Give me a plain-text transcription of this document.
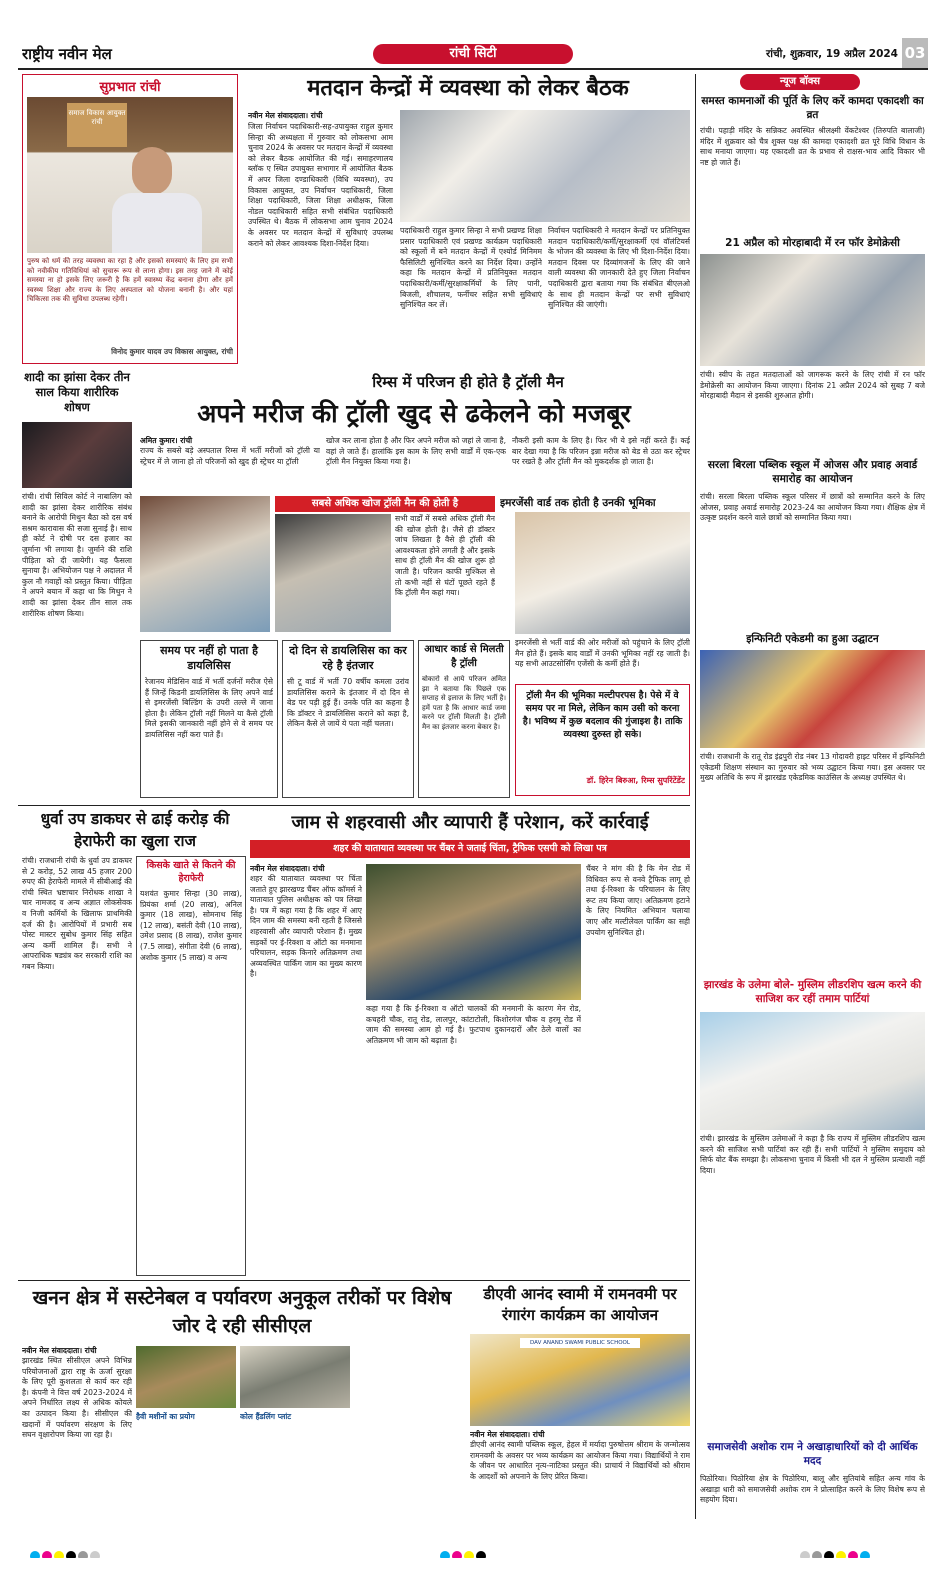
राष्ट्रीय नवीन मेल	रांची सिटी	रांची, शुक्रवार, 19 अप्रैल 2024 03
सुप्रभात रांची
समाज विकास आयुक्त रांची
पुरुष को धर्म की तरह व्यवस्था का रहा है और इसको समस्याएं के लिए हम सभी को नवीकीय गतिविधियां को सुचारू रूप से लाना होगा। इस तरह जाने में कोई समस्या ना हो इसके लिए जरूरी है कि हमें स्वास्थ्य केंद्र बनाना होगा और हमें स्वस्थ्य शिक्षा और राज्य के लिए अस्पताल को योजना बनानी है। और यहां चिकित्सा तक की सुविधा उपलब्ध रहेगी।
विनोद कुमार यादव उप विकास आयुक्त, रांची
मतदान केन्द्रों में व्यवस्था को लेकर बैठक
नवीन मेल संवाददाता। रांची
जिला निर्वाचन पदाधिकारी-सह-उपायुक्त राहुल कुमार सिन्हा की अध्यक्षता में गुरुवार को लोकसभा आम चुनाव 2024 के अवसर पर मतदान केन्द्रों में व्यवस्था को लेकर बैठक आयोजित की गई। समाहरणालय ब्लॉक ए स्थित उपायुक्त सभागार में आयोजित बैठक में अपर जिला दण्डाधिकारी (विधि व्यवस्था), उप विकास आयुक्त, उप निर्वाचन पदाधिकारी, जिला शिक्षा पदाधिकारी, जिला शिक्षा अधीक्षक, जिला नोडल पदाधिकारी सहित सभी संबंधित पदाधिकारी उपस्थित थे। बैठक में लोकसभा आम चुनाव 2024 के अवसर पर मतदान केन्द्रों में सुविधाएं उपलब्ध कराने को लेकर आवश्यक दिशा-निर्देश दिया।
पदाधिकारी राहुल कुमार सिन्हा ने सभी प्रखण्ड शिक्षा प्रसार पदाधिकारी एवं प्रखण्ड कार्यक्रम पदाधिकारी को स्कूलों में बने मतदान केन्द्रों में एश्योर्ड मिनिमम फैसिलिटी सुनिश्चित करने का निर्देश दिया। उन्होंने कहा कि मतदान केन्द्रों में प्रतिनियुक्त मतदान पदाधिकारी/कर्मी/सुरक्षाकर्मियों के लिए पानी, बिजली, शौचालय, फर्नीचर सहित सभी सुविधाएं सुनिश्चित कर लें।
निर्वाचन पदाधिकारी ने मतदान केन्द्रों पर प्रतिनियुक्त मतदान पदाधिकारी/कर्मी/सुरक्षाकर्मी एवं वॉलंटियर्स के भोजन की व्यवस्था के लिए भी दिशा-निर्देश दिया। मतदान दिवस पर दिव्यांगजनों के लिए की जाने वाली व्यवस्था की जानकारी देते हुए जिला निर्वाचन पदाधिकारी द्वारा बताया गया कि संबंधित बीएलओ के साथ ही मतदान केन्द्रों पर सभी सुविधाएं सुनिश्चित की जाएंगी।
रिम्स में परिजन ही होते है ट्रॉली मैन
अपने मरीज की ट्रॉली खुद से ढकेलने को मजबूर
अमित कुमार। रांची
राज्य के सबसे बड़े अस्पताल रिम्स में भर्ती मरीजों को ट्रॉली या स्ट्रेचर में ले जाना हो तो परिजनों को खुद ही स्ट्रेचर या ट्रॉली
खोज कर लाना होता है और फिर अपने मरीज को जहां ले जाना है, वहां ले जाते हैं। हालांकि इस काम के लिए सभी वार्डों में एक-एक ट्रॉली मैन नियुक्त किया गया है।
नौकरी इसी काम के लिए है। फिर भी ये इसे नहीं करते हैं। कई बार देखा गया है कि परिजन इन्ना मरीज को बेड से उठा कर स्ट्रेचर पर रखते है और ट्रॉली मैन को मुकदर्शक हो जाता है।
सबसे अधिक खोज ट्रॉली मैन की होती है
सभी वार्डों में सबसे अधिक ट्रॉली मैन की खोज होती है। जैसे ही डॉक्टर जांच लिखता है वैसे ही ट्रॉली की आवश्यकता होने लगती है और इसके साथ ही ट्रॉली मैन की खोज शुरू हो जाती है। परिजन काफी मुश्किल से तो कभी नहीं से घंटों पूछते रहते हैं कि ट्रॉली मैन कहां गया।
इमरजेंसी वार्ड तक होती है उनकी भूमिका
इमरजेंसी से भर्ती वार्ड की ओर मरीजों को पहुंचाने के लिए ट्रॉली मैन होते हैं। इसके बाद वार्डों में उनकी भूमिका नहीं रह जाती है। यह सभी आउटसोर्सिंग एजेंसी के कर्मी होते हैं।
समय पर नहीं हो पाता है डायलिसिस
रेजानय मेडिसिन वार्ड में भर्ती दर्जनों मरीज ऐसे हैं जिन्हें किडनी डायलिसिस के लिए अपने वार्ड से इमरजेंसी बिल्डिंग के उपरी तल्ले में जाना होता है। लेकिन ट्रॉली नहीं मिलने या कैसे ट्रॉली मिले इसकी जानकारी नहीं होने से वे समय पर डायलिसिस नहीं करा पाते हैं।
दो दिन से डायलिसिस का कर रहे है इंतजार
सी टू वार्ड में भर्ती 70 वर्षीय कमला उरांव डायलिसिस कराने के इंतजार में दो दिन से बेड पर पड़ी हुई हैं। उनके पति का कहना है कि डॉक्टर ने डायलिसिस कराने को कहा है, लेकिन कैसे ले जायें ये पता नहीं चलता।
आधार कार्ड से मिलती है ट्रॉली
बोकारो से आये परिजन अमित झा ने बताया कि पिछले एक सप्ताह से इलाज के लिए भर्ती है। हमें पता है कि आधार कार्ड जमा करने पर ट्रॉली मिलती है। ट्रॉली मैन का इंतजार करना बेकार है।
ट्रॉली मैन की भूमिका मल्टीपरपस है। पेसे में वे समय पर ना मिले, लेकिन काम उसी को करना है। भविष्य में कुछ बदलाव की गुंजाइश है। ताकि व्यवस्था दुरुस्त हो सके।
डॉ. हिरेन बिरुआ, रिम्स सुपरिंटेंडेंट
शादी का झांसा देकर तीन साल किया शारीरिक शोषण
रांची। रांची सिविल कोर्ट ने नाबालिग को शादी का झांसा देकर शारीरिक संबंध बनाने के आरोपी मिथुन बैठा को दस वर्ष सश्रम कारावास की सजा सुनाई है। साथ ही कोर्ट ने दोषी पर दस हजार का जुर्माना भी लगाया है। जुर्माने की राशि पीड़िता को दी जायेगी। यह फैसला सुनाया है। अभियोजन पक्ष ने अदालत में कुल नौ गवाहों को प्रस्तुत किया। पीड़िता ने अपने बयान में कहा था कि मिथुन ने शादी का झांसा देकर तीन साल तक शारीरिक शोषण किया।
धुर्वा उप डाकघर से ढाई करोड़ की हेराफेरी का खुला राज
रांची। राजधानी रांची के धुर्वा उप डाकघर से 2 करोड़, 52 लाख 45 हजार 200 रुपए की हेराफेरी मामले में सीबीआई की रांची स्थित भ्रष्टाचार निरोधक शाखा ने चार नामजद व अन्य अज्ञात लोकसेवक व निजी कर्मियों के खिलाफ प्राथमिकी दर्ज की है। आरोपियों में प्रभारी सब पोस्ट मास्टर सुबोध कुमार सिंह सहित अन्य कर्मी शामिल हैं। सभी ने आपराधिक षड्यंत्र कर सरकारी राशि का गबन किया।
किसके खाते से कितने की हेराफेरी
यशवंत कुमार सिन्हा (30 लाख), प्रियंका शर्मा (20 लाख), अनिल कुमार (18 लाख), सोमनाथ सिंह (12 लाख), बसंती देवी (10 लाख), उमेश प्रसाद (8 लाख), राजेश कुमार (7.5 लाख), संगीता देवी (6 लाख), अशोक कुमार (5 लाख) व अन्य
जाम से शहरवासी और व्यापारी हैं परेशान, करें कार्रवाई
शहर की यातायात व्यवस्था पर चैंबर ने जताई चिंता, ट्रैफिक एसपी को लिखा पत्र
नवीन मेल संवाददाता। रांची
शहर की यातायात व्यवस्था पर चिंता जताते हुए झारखण्ड चैंबर ऑफ कॉमर्स ने यातायात पुलिस अधीक्षक को पत्र लिखा है। पत्र में कहा गया है कि शहर में आए दिन जाम की समस्या बनी रहती है जिससे शहरवासी और व्यापारी परेशान हैं। मुख्य सड़कों पर ई-रिक्शा व ऑटो का मनमाना परिचालन, सड़क किनारे अतिक्रमण तथा अव्यवस्थित पार्किंग जाम का मुख्य कारण है।
कहा गया है कि ई-रिक्शा व ऑटो चालकों की मनमानी के कारण मेन रोड, कचहरी चौक, रातू रोड, लालपुर, कांटाटोली, किशोरगंज चौक व हरमू रोड में जाम की समस्या आम हो गई है। फुटपाथ दुकानदारों और ठेले वालों का अतिक्रमण भी जाम को बढ़ाता है।
चैंबर ने मांग की है कि मेन रोड में विधिवत रूप से वनवे ट्रैफिक लागू हो तथा ई-रिक्शा के परिचालन के लिए रूट तय किया जाए। अतिक्रमण हटाने के लिए नियमित अभियान चलाया जाए और मल्टीलेवल पार्किंग का सही उपयोग सुनिश्चित हो।
खनन क्षेत्र में सस्टेनेबल व पर्यावरण अनुकूल तरीकों पर विशेष जोर दे रही सीसीएल
नवीन मेल संवाददाता। रांची
झारखंड स्थित सीसीएल अपने विभिन्न परियोजनाओं द्वारा राष्ट्र के ऊर्जा सुरक्षा के लिए पूरी कुशलता से कार्य कर रही है। कंपनी ने वित्त वर्ष 2023-2024 में अपने निर्धारित लक्ष्य से अधिक कोयले का उत्पादन किया है। सीसीएल की खदानों में पर्यावरण संरक्षण के लिए सघन वृक्षारोपण किया जा रहा है।
हैवी मशीनों का प्रयोग	कोल हैंडलिंग प्लांट
डीएवी आनंद स्वामी में रामनवमी पर रंगारंग कार्यक्रम का आयोजन
DAV ANAND SWAMI PUBLIC SCHOOL
नवीन मेल संवाददाता। रांची
डीएवी आनंद स्वामी पब्लिक स्कूल, हेहल में मर्यादा पुरुषोत्तम श्रीराम के जन्मोत्सव रामनवमी के अवसर पर भव्य कार्यक्रम का आयोजन किया गया। विद्यार्थियों ने राम के जीवन पर आधारित नृत्य-नाटिका प्रस्तुत की। प्राचार्य ने विद्यार्थियों को श्रीराम के आदर्शों को अपनाने के लिए प्रेरित किया।
न्यूज बॉक्स
समस्त कामनाओं की पूर्ति के लिए करें कामदा एकादशी का व्रत
रांची। पहाड़ी मंदिर के सन्निकट अवस्थित श्रीलक्ष्मी वेंकटेश्वर (तिरुपति बालाजी) मंदिर में शुक्रवार को चैत्र शुक्ल पक्ष की कामदा एकादशी व्रत पूरे विधि विधान के साथ मनाया जाएगा। यह एकादशी व्रत के प्रभाव से राक्षस-भाव आदि विकार भी नष्ट हो जाते हैं।
21 अप्रैल को मोरहाबादी में रन फॉर डेमोक्रेसी
रांची। स्वीप के तहत मतदाताओं को जागरूक करने के लिए रांची में रन फॉर डेमोक्रेसी का आयोजन किया जाएगा। दिनांक 21 अप्रैल 2024 को सुबह 7 बजे मोरहाबादी मैदान से इसकी शुरुआत होगी।
सरला बिरला पब्लिक स्कूल में ओजस और प्रवाह अवार्ड समारोह का आयोजन
रांची। सरला बिरला पब्लिक स्कूल परिसर में छात्रों को सम्मानित करने के लिए ओजस, प्रवाह अवार्ड समारोह 2023-24 का आयोजन किया गया। शैक्षिक क्षेत्र में उत्कृष्ट प्रदर्शन करने वाले छात्रों को सम्मानित किया गया।
इन्फिनिटी एकेडमी का हुआ उद्घाटन
रांची। राजधानी के रातू रोड इंद्रपुरी रोड नंबर 13 गोदावरी हाइट परिसर में इन्फिनिटी एकेडमी शिक्षण संस्थान का गुरुवार को भव्य उद्घाटन किया गया। इस अवसर पर मुख्य अतिथि के रूप में झारखंड एकेडमिक काउंसिल के अध्यक्ष उपस्थित थे।
झारखंड के उलेमा बोले- मुस्लिम लीडरशिप खत्म करने की साजिश कर रहीं तमाम पार्टियां
रांची। झारखंड के मुस्लिम उलेमाओं ने कहा है कि राज्य में मुस्लिम लीडरशिप खत्म करने की साजिश सभी पार्टियां कर रही हैं। सभी पार्टियों ने मुस्लिम समुदाय को सिर्फ वोट बैंक समझा है। लोकसभा चुनाव में किसी भी दल ने मुस्लिम प्रत्याशी नहीं दिया।
समाजसेवी अशोक राम ने अखाड़ाधारियों को दी आर्थिक मदद
पिठोरिया। पिठोरिया क्षेत्र के पिठोरिया, बालू और सुतियांबे सहित अन्य गांव के अखाड़ा धारी को समाजसेवी अशोक राम ने प्रोत्साहित करने के लिए विशेष रूप से सहयोग दिया।
